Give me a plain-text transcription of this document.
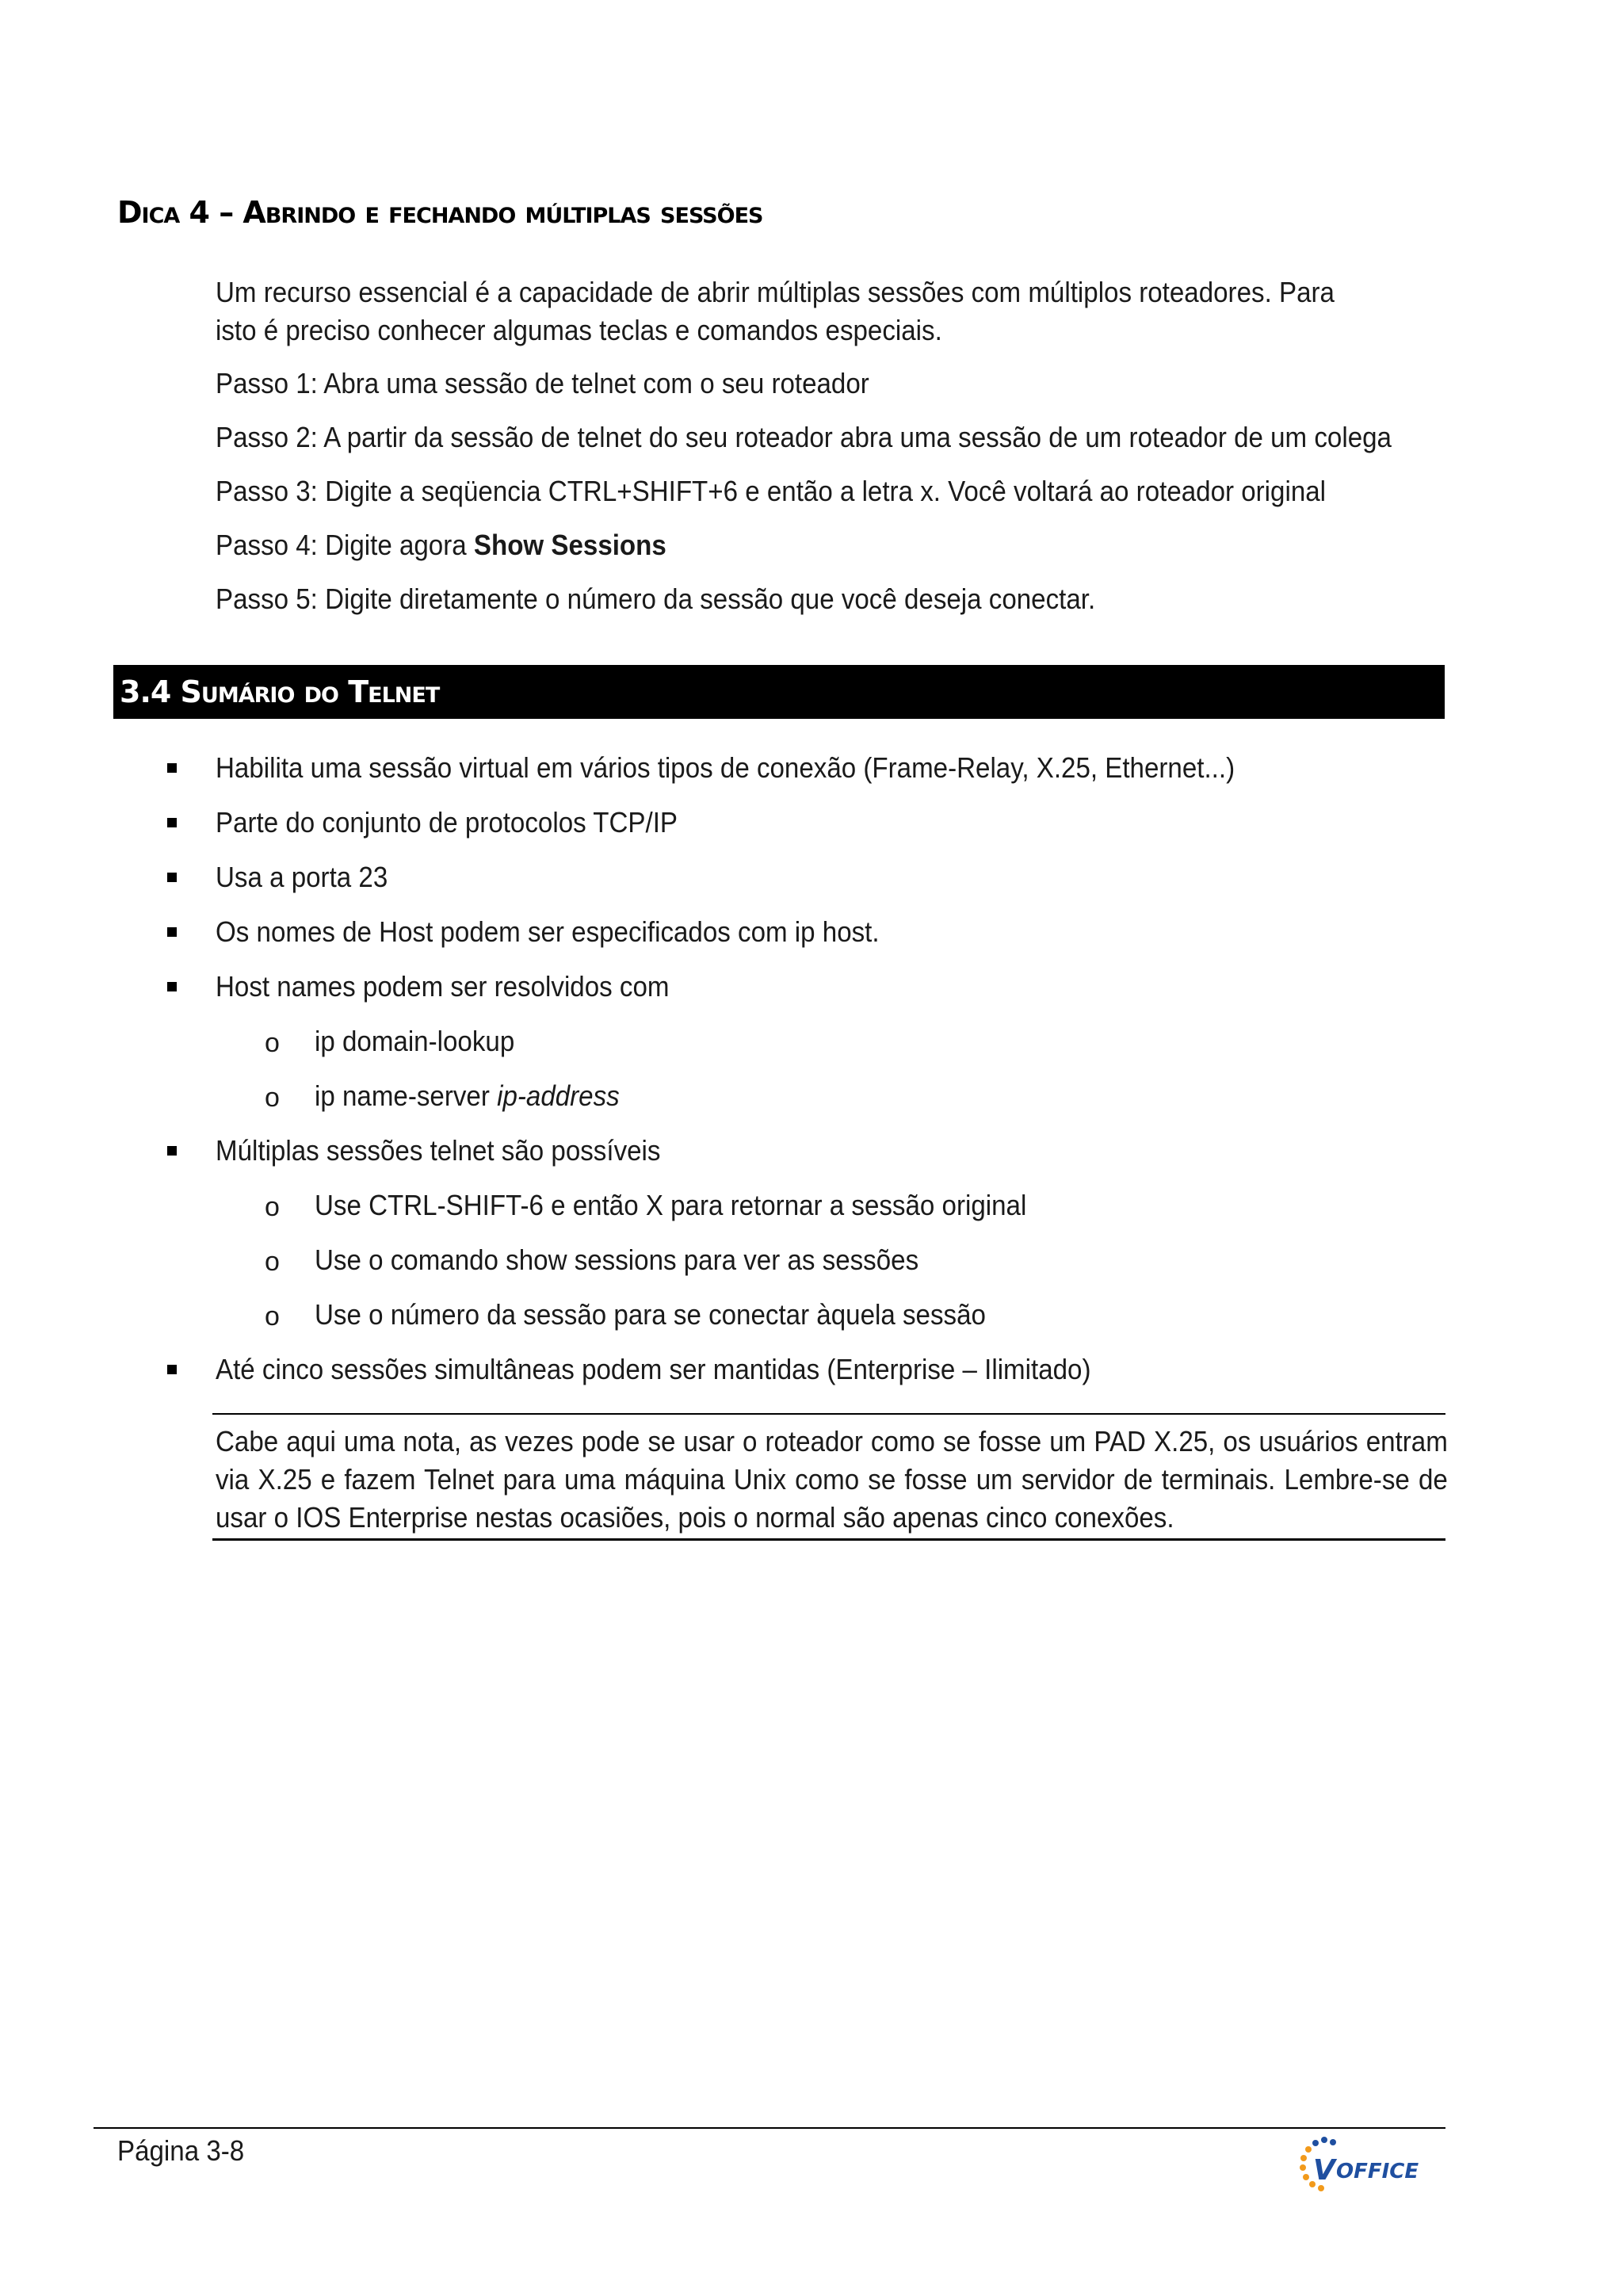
Dica 4 – Abrindo e fechando múltiplas sessões
Um recurso essencial é a capacidade de abrir múltiplas sessões com múltiplos roteadores. Para isto é preciso conhecer algumas teclas e comandos especiais.
Passo 1: Abra uma sessão de telnet com o seu roteador
Passo 2: A partir da sessão de telnet do seu roteador abra uma sessão de um roteador de um colega
Passo 3: Digite a seqüencia CTRL+SHIFT+6 e então a letra x. Você voltará ao roteador original
Passo 4: Digite agora Show Sessions
Passo 5: Digite diretamente o número da sessão que você deseja conectar.
3.4 Sumário do Telnet
Habilita uma sessão virtual em vários tipos de conexão (Frame-Relay, X.25, Ethernet...)
Parte do conjunto de protocolos TCP/IP
Usa a porta 23
Os nomes de Host podem ser especificados com ip host.
Host names podem ser resolvidos com
o ip domain-lookup
o ip name-server ip-address
Múltiplas sessões telnet são possíveis
o Use CTRL-SHIFT-6 e então X para retornar a sessão original
o Use o comando show sessions para ver as sessões
o Use o número da sessão para se conectar àquela sessão
Até cinco sessões simultâneas podem ser mantidas (Enterprise – Ilimitado)
Cabe aqui uma nota, as vezes pode se usar o roteador como se fosse um PAD X.25, os usuários entram via X.25 e fazem Telnet para uma máquina Unix como se fosse um servidor de terminais. Lembre-se de usar o IOS Enterprise nestas ocasiões, pois o normal são apenas cinco conexões.
Página 3-8
V OFFICE
